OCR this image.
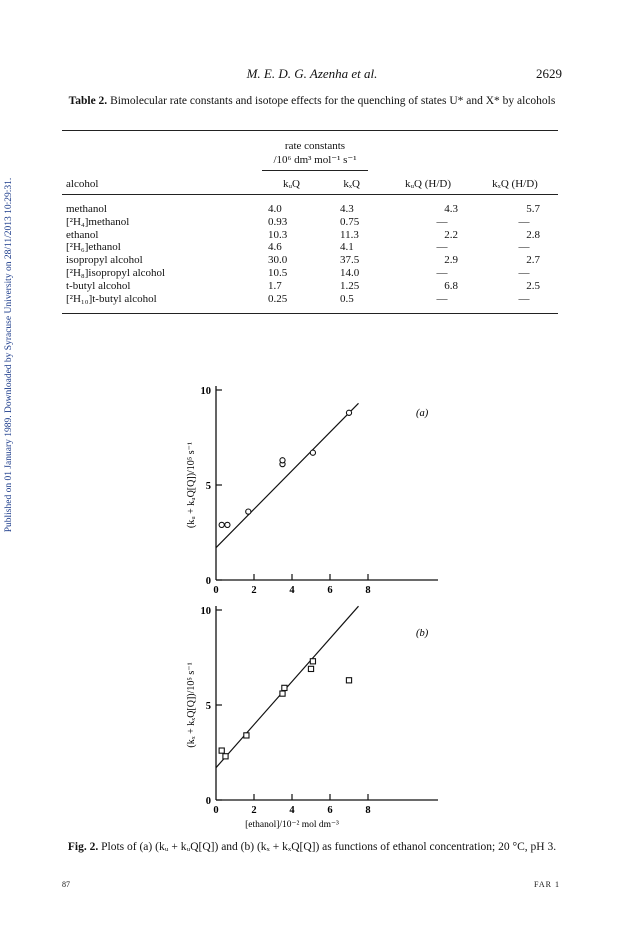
Published on 01 January 1989. Downloaded by Syracuse University on 28/11/2013 10:29:31.
M. E. D. G. Azenha et al.	2629
Table 2. Bimolecular rate constants and isotope effects for the quenching of states U* and X* by alcohols
rate constants
/10⁶ dm³ mol⁻¹ s⁻¹
alcohol	kᵤQ	kₓQ	kᵤQ (H/D)	kₓQ (H/D)
methanol	4.0	4.3	4.3	5.7
[²H₄]methanol	0.93	0.75	—	—
ethanol	10.3	11.3	2.2	2.8
[²H₆]ethanol	4.6	4.1	—	—
isopropyl alcohol	30.0	37.5	2.9	2.7
[²H₈]isopropyl alcohol	10.5	14.0	—	—
t-butyl alcohol	1.7	1.25	6.8	2.5
[²H₁₀]t-butyl alcohol	0.25	0.5	—	—
0
5
10
0	2	4	6	8
(a)
(kᵤ + kᵤQ[Q])/10⁵ s⁻¹
0
5
10
0	2	4	6	8
(b)
(kₓ + kₓQ[Q])/10⁵ s⁻¹
[ethanol]/10⁻² mol dm⁻³
Fig. 2. Plots of (a) (kᵤ + kᵤQ[Q]) and (b) (kₓ + kₓQ[Q]) as functions of ethanol concentration; 20 °C, pH 3.
87	FAR 1
